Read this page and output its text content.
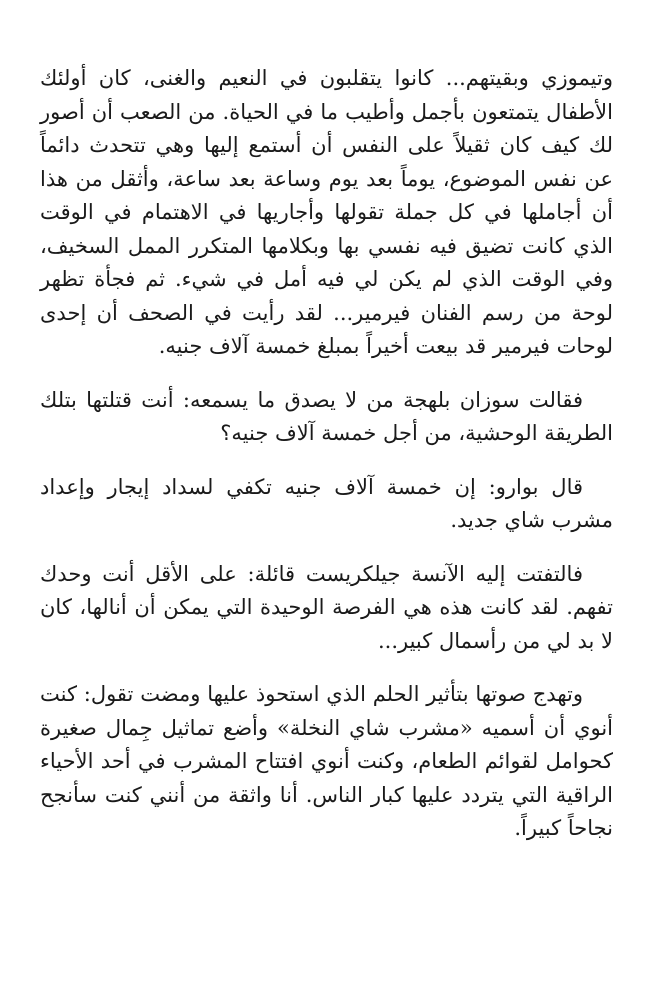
وتيموزي وبقيتهم... كانوا يتقلبون في النعيم والغنى، كان أولئك الأطفال يتمتعون بأجمل وأطيب ما في الحياة. من الصعب أن أصور لك كيف كان ثقيلاً على النفس أن أستمع إليها وهي تتحدث دائماً عن نفس الموضوع، يوماً بعد يوم وساعة بعد ساعة، وأثقل من هذا أن أجاملها في كل جملة تقولها وأجاريها في الاهتمام في الوقت الذي كانت تضيق فيه نفسي بها وبكلامها المتكرر الممل السخيف، وفي الوقت الذي لم يكن لي فيه أمل في شيء. ثم فجأة تظهر لوحة من رسم الفنان فيرمير... لقد رأيت في الصحف أن إحدى لوحات فيرمير قد بيعت أخيراً بمبلغ خمسة آلاف جنيه.

فقالت سوزان بلهجة من لا يصدق ما يسمعه: أنت قتلتها بتلك الطريقة الوحشية، من أجل خمسة آلاف جنيه؟

قال بوارو: إن خمسة آلاف جنيه تكفي لسداد إيجار وإعداد مشرب شاي جديد.

فالتفتت إليه الآنسة جيلكريست قائلة: على الأقل أنت وحدك تفهم. لقد كانت هذه هي الفرصة الوحيدة التي يمكن أن أنالها، كان لا بد لي من رأسمال كبير...

وتهدج صوتها بتأثير الحلم الذي استحوذ عليها ومضت تقول: كنت أنوي أن أسميه «مشرب شاي النخلة» وأضع تماثيل جِمال صغيرة كحوامل لقوائم الطعام، وكنت أنوي افتتاح المشرب في أحد الأحياء الراقية التي يتردد عليها كبار الناس. أنا واثقة من أنني كنت سأنجح نجاحاً كبيراً.
